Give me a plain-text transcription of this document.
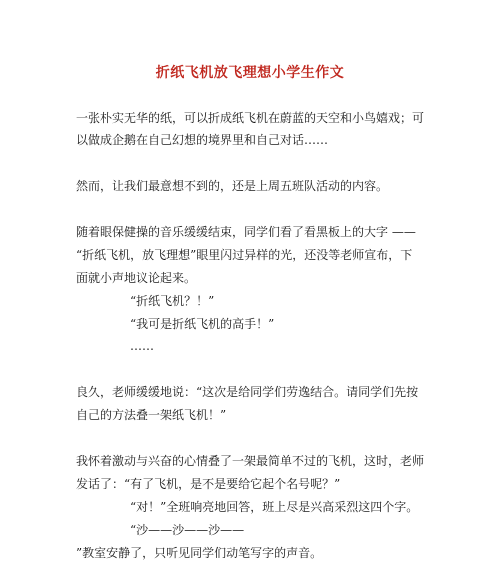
折纸飞机放飞理想小学生作文
一张朴实无华的纸，可以折成纸飞机在蔚蓝的天空和小鸟嬉戏；可
以做成企鹅在自己幻想的境界里和自己对话……
然而，让我们最意想不到的，还是上周五班队活动的内容。
随着眼保健操的音乐缓缓结束，同学们看了看黑板上的大字 ——
“折纸飞机，放飞理想”眼里闪过异样的光，还没等老师宣布，下
面就小声地议论起来。
“折纸飞机？！”
“我可是折纸飞机的高手！”
……
良久，老师缓缓地说：“这次是给同学们劳逸结合。请同学们先按
自己的方法叠一架纸飞机！”
我怀着激动与兴奋的心情叠了一架最简单不过的飞机，这时，老师
发话了：“有了飞机，是不是要给它起个名号呢？”
“对！”全班响亮地回答，班上尽是兴高采烈这四个字。
“沙——沙——沙——
”教室安静了，只听见同学们动笔写字的声音。
